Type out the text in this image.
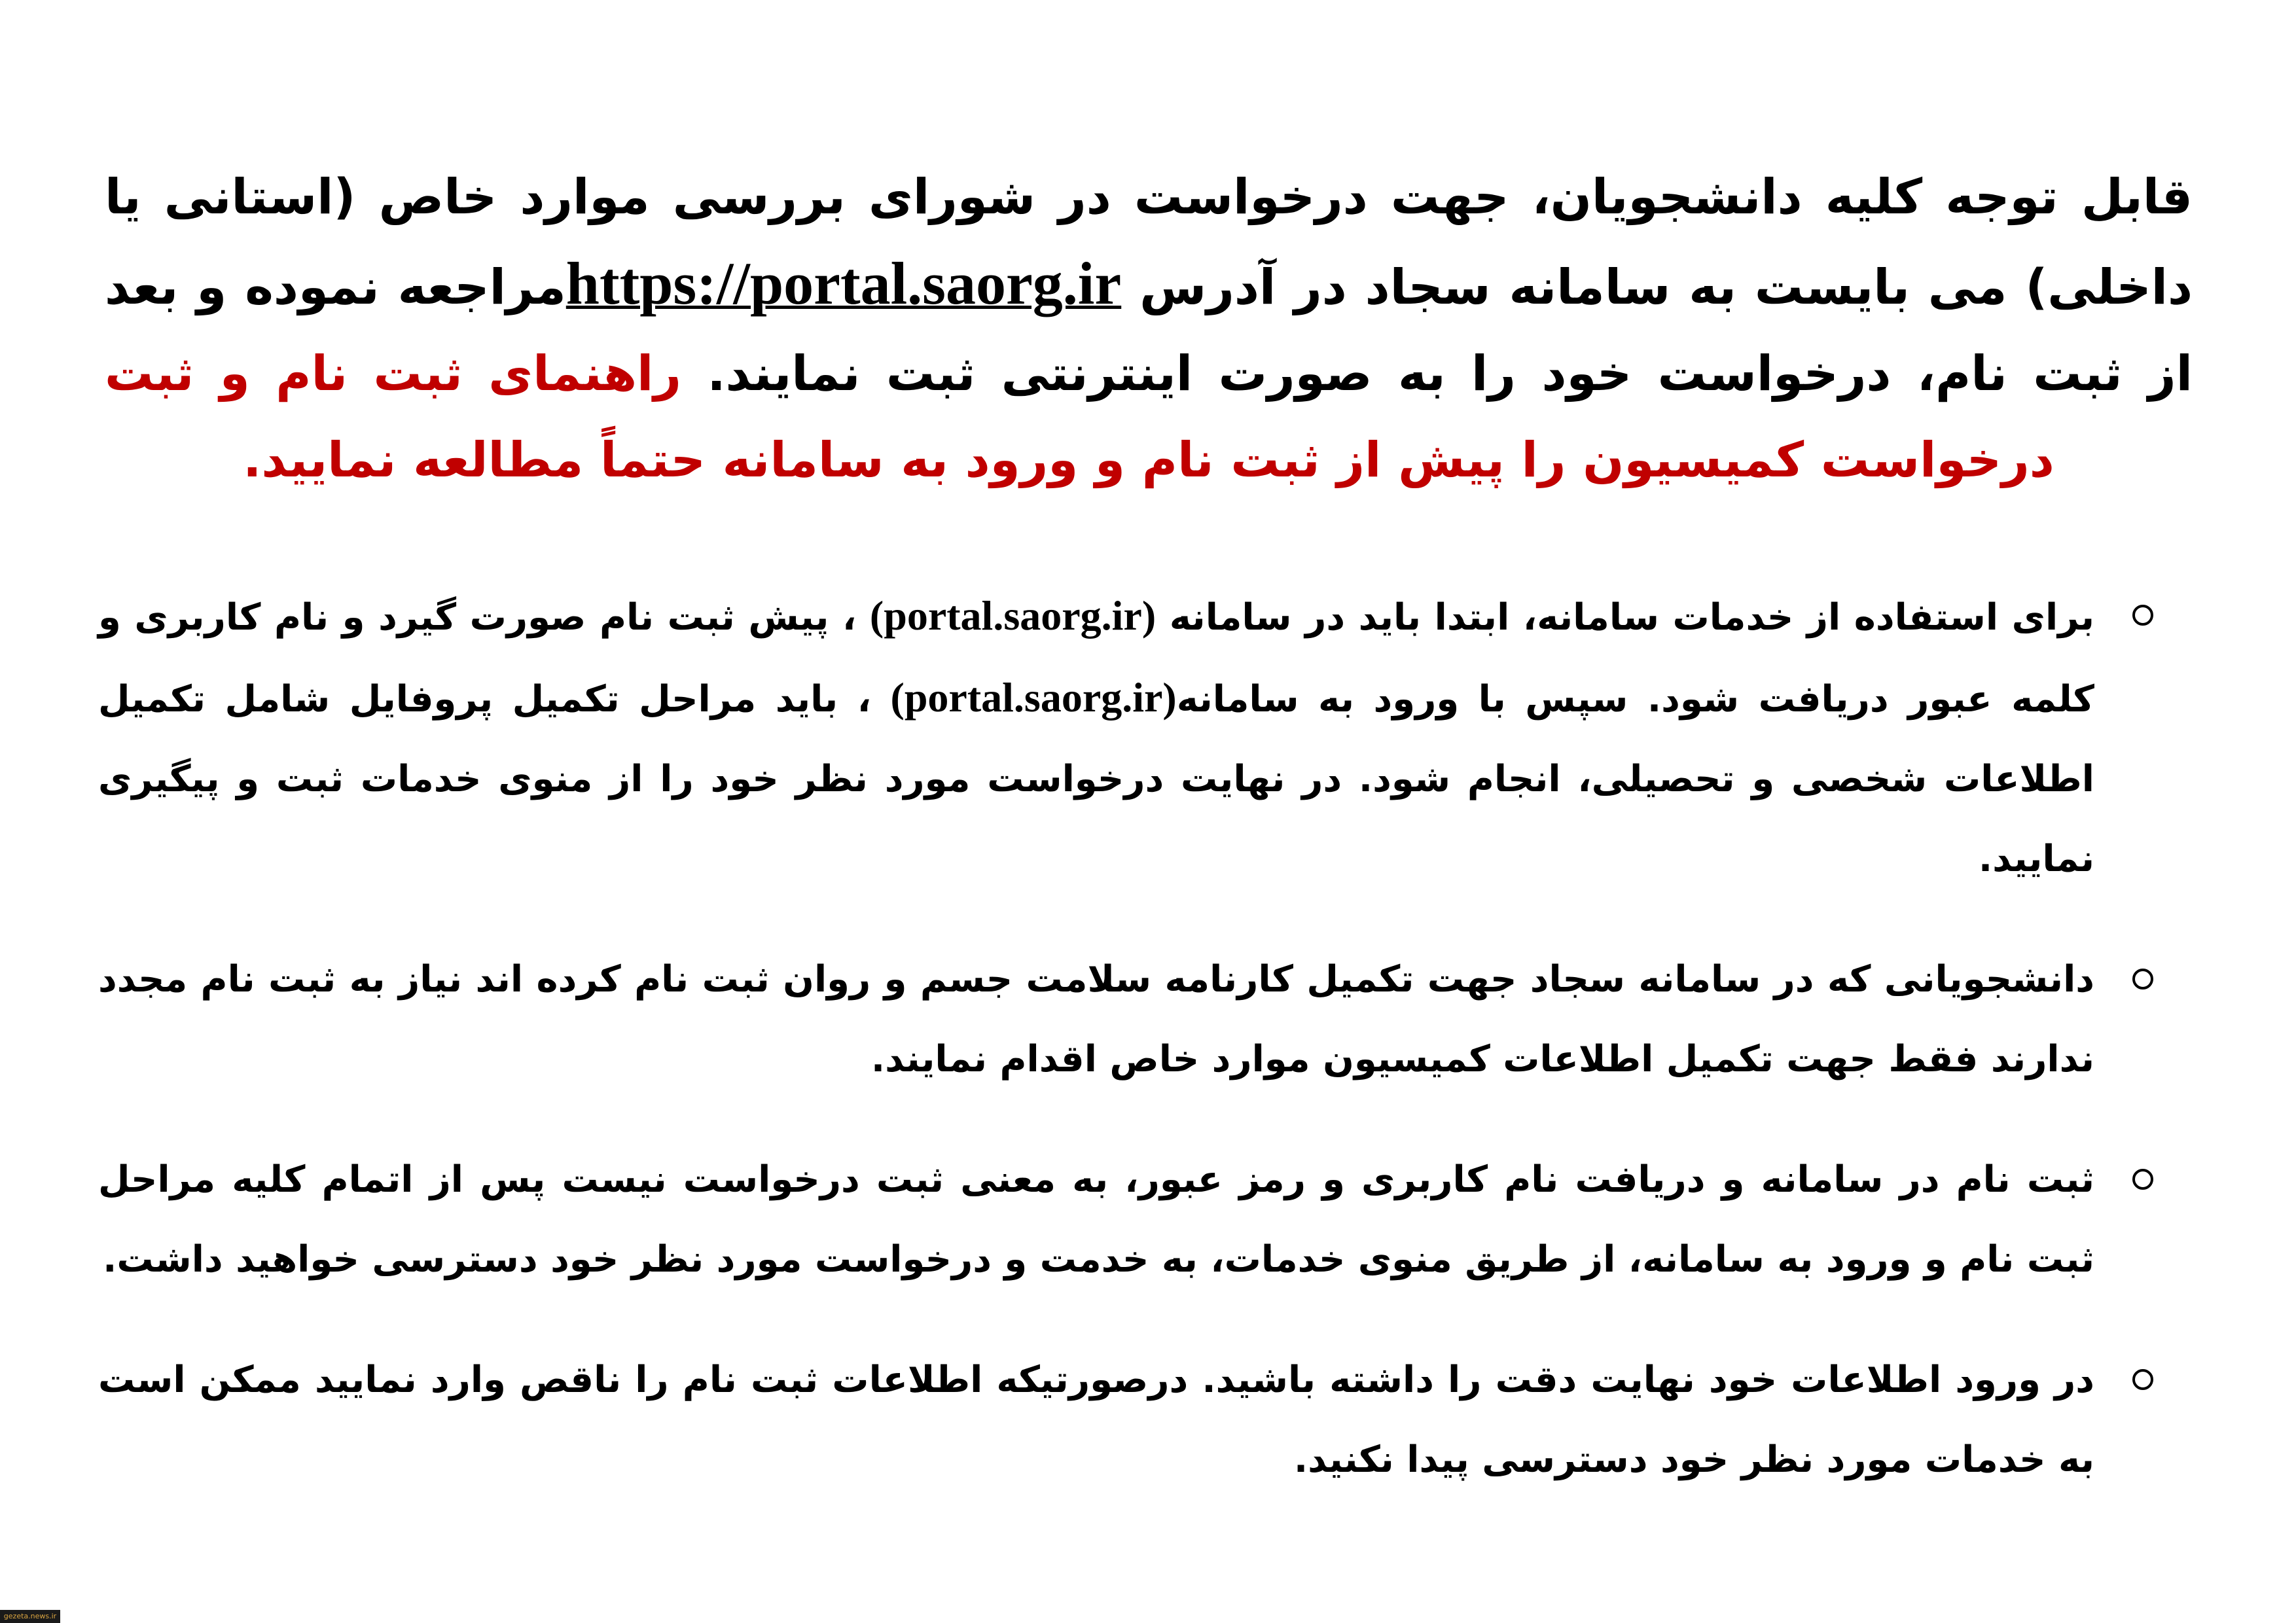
قابل توجه کلیه دانشجویان، جهت درخواست در شورای بررسی موارد خاص (استانی یا داخلی) می بایست به سامانه سجاد در آدرس https://portal.saorg.irمراجعه نموده و بعد از ثبت نام، درخواست خود را به صورت اینترنتی ثبت نمایند. راهنمای ثبت نام و ثبت درخواست کمیسیون را پیش از ثبت نام و ورود به سامانه حتماً مطالعه نمایید.
برای استفاده از خدمات سامانه، ابتدا باید در سامانه (portal.saorg.ir) ، پیش ثبت نام صورت گیرد و نام کاربری و کلمه عبور دریافت شود. سپس با ورود به سامانه(portal.saorg.ir) ، باید مراحل تکمیل پروفایل شامل تکمیل اطلاعات شخصی و تحصیلی، انجام شود. در نهایت درخواست مورد نظر خود را از منوی خدمات ثبت و پیگیری نمایید.
دانشجویانی که در سامانه سجاد جهت تکمیل کارنامه سلامت جسم و روان ثبت نام کرده اند نیاز به ثبت نام مجدد ندارند فقط جهت تکمیل اطلاعات کمیسیون موارد خاص اقدام نمایند.
ثبت نام در سامانه و دریافت نام کاربری و رمز عبور، به معنی ثبت درخواست نیست پس از اتمام کلیه مراحل ثبت نام و ورود به سامانه، از طریق منوی خدمات، به خدمت و درخواست مورد نظر خود دسترسی خواهید داشت.
در ورود اطلاعات خود نهایت دقت را داشته باشید. درصورتیکه اطلاعات ثبت نام را ناقص وارد نمایید ممکن است به خدمات مورد نظر خود دسترسی پیدا نکنید.
gezeta.news.ir
